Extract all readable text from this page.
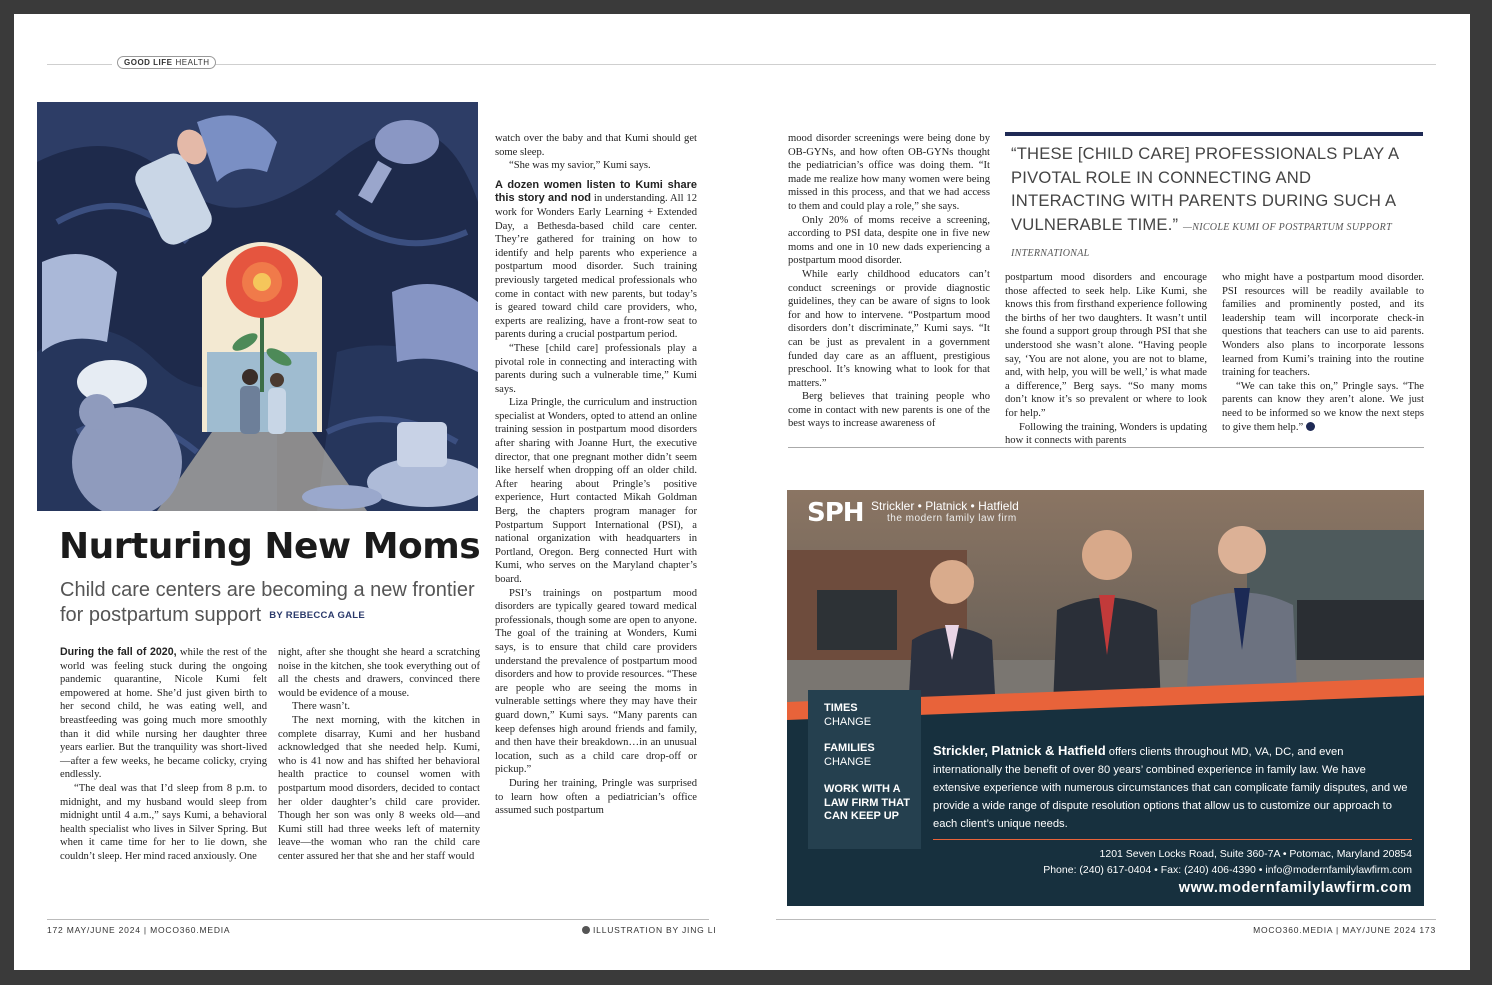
GOOD LIFE HEALTH
Nurturing New Moms
Child care centers are becoming a new frontier for postpartum support BY REBECCA GALE

During the fall of 2020, while the rest of the world was feeling stuck during the ongoing pandemic quarantine, Nicole Kumi felt empowered at home. She’d just given birth to her second child, he was eating well, and breastfeeding was going much more smoothly than it did while nursing her daughter three years earlier. But the tranquility was short-lived—after a few weeks, he became colicky, crying endlessly.

“The deal was that I’d sleep from 8 p.m. to midnight, and my husband would sleep from midnight until 4 a.m.,” says Kumi, a behavioral health specialist who lives in Silver Spring. But when it came time for her to lie down, she couldn’t sleep. Her mind raced anxiously. One

night, after she thought she heard a scratching noise in the kitchen, she took everything out of all the chests and drawers, convinced there would be evidence of a mouse.

There wasn’t.

The next morning, with the kitchen in complete disarray, Kumi and her husband acknowledged that she needed help. Kumi, who is 41 now and has shifted her behavioral health practice to counsel women with postpartum mood disorders, decided to contact her older daughter’s child care provider. Though her son was only 8 weeks old—and Kumi still had three weeks left of maternity leave—the woman who ran the child care center assured her that she and her staff would

watch over the baby and that Kumi should get some sleep.

“She was my savior,” Kumi says.

A dozen women listen to Kumi share this story and nod in understanding. All 12 work for Wonders Early Learning + Extended Day, a Bethesda-based child care center. They’re gathered for training on how to identify and help parents who experience a postpartum mood disorder. Such training previously targeted medical professionals who come in contact with new parents, but today’s is geared toward child care providers, who, experts are realizing, have a front-row seat to parents during a crucial postpartum period.

“These [child care] professionals play a pivotal role in connecting and interacting with parents during such a vulnerable time,” Kumi says.

Liza Pringle, the curriculum and instruction specialist at Wonders, opted to attend an online training session in postpartum mood disorders after sharing with Joanne Hurt, the executive director, that one pregnant mother didn’t seem like herself when dropping off an older child. After hearing about Pringle’s positive experience, Hurt contacted Mikah Goldman Berg, the chapters program manager for Postpartum Support International (PSI), a national organization with headquarters in Portland, Oregon. Berg connected Hurt with Kumi, who serves on the Maryland chapter’s board.

PSI’s trainings on postpartum mood disorders are typically geared toward medical professionals, though some are open to anyone. The goal of the training at Wonders, Kumi says, is to ensure that child care providers understand the prevalence of postpartum mood disorders and how to provide resources. “These are people who are seeing the moms in vulnerable settings where they may have their guard down,” Kumi says. “Many parents can keep defenses high around friends and family, and then have their breakdown…in an unusual location, such as a child care drop-off or pickup.”

During her training, Pringle was surprised to learn how often a pediatrician’s office assumed such postpartum

mood disorder screenings were being done by OB-GYNs, and how often OB-GYNs thought the pediatrician’s office was doing them. “It made me realize how many women were being missed in this process, and that we had access to them and could play a role,” she says.

Only 20% of moms receive a screening, according to PSI data, despite one in five new moms and one in 10 new dads experiencing a postpartum mood disorder.

While early childhood educators can’t conduct screenings or provide diagnostic guidelines, they can be aware of signs to look for and how to intervene. “Postpartum mood disorders don’t discriminate,” Kumi says. “It can be just as prevalent in a government funded day care as an affluent, prestigious preschool. It’s knowing what to look for that matters.”

Berg believes that training people who come in contact with new parents is one of the best ways to increase awareness of

“THESE [CHILD CARE] PROFESSIONALS PLAY A PIVOTAL ROLE IN CONNECTING AND INTERACTING WITH PARENTS DURING SUCH A VULNERABLE TIME.” —NICOLE KUMI OF POSTPARTUM SUPPORT INTERNATIONAL

postpartum mood disorders and encourage those affected to seek help. Like Kumi, she knows this from firsthand experience following the births of her two daughters. It wasn’t until she found a support group through PSI that she understood she wasn’t alone. “Having people say, ‘You are not alone, you are not to blame, and, with help, you will be well,’ is what made a difference,” Berg says. “So many moms don’t know it’s so prevalent or where to look for help.”

Following the training, Wonders is updating how it connects with parents

who might have a postpartum mood disorder. PSI resources will be readily available to families and prominently posted, and its leadership team will incorporate check-in questions that teachers can use to aid parents. Wonders also plans to incorporate lessons learned from Kumi’s training into the routine training for teachers.

“We can take this on,” Pringle says. “The parents can know they aren’t alone. We just need to be informed so we know the next steps to give them help.”

SPH Strickler • Platnick • Hatfield
the modern family law firm
TIMES
CHANGE
FAMILIES
CHANGE
WORK WITH A LAW FIRM THAT CAN KEEP UP
Strickler, Platnick & Hatfield offers clients throughout MD, VA, DC, and even internationally the benefit of over 80 years’ combined experience in family law. We have extensive experience with numerous circumstances that can complicate family disputes, and we provide a wide range of dispute resolution options that allow us to customize our approach to each client’s unique needs.
1201 Seven Locks Road, Suite 360-7A • Potomac, Maryland 20854
Phone: (240) 617-0404 • Fax: (240) 406-4390 • info@modernfamilylawfirm.com
www.modernfamilylawfirm.com
172 MAY/JUNE 2024 | MOCO360.MEDIA	ILLUSTRATION BY JING LI	MOCO360.MEDIA | MAY/JUNE 2024 173
